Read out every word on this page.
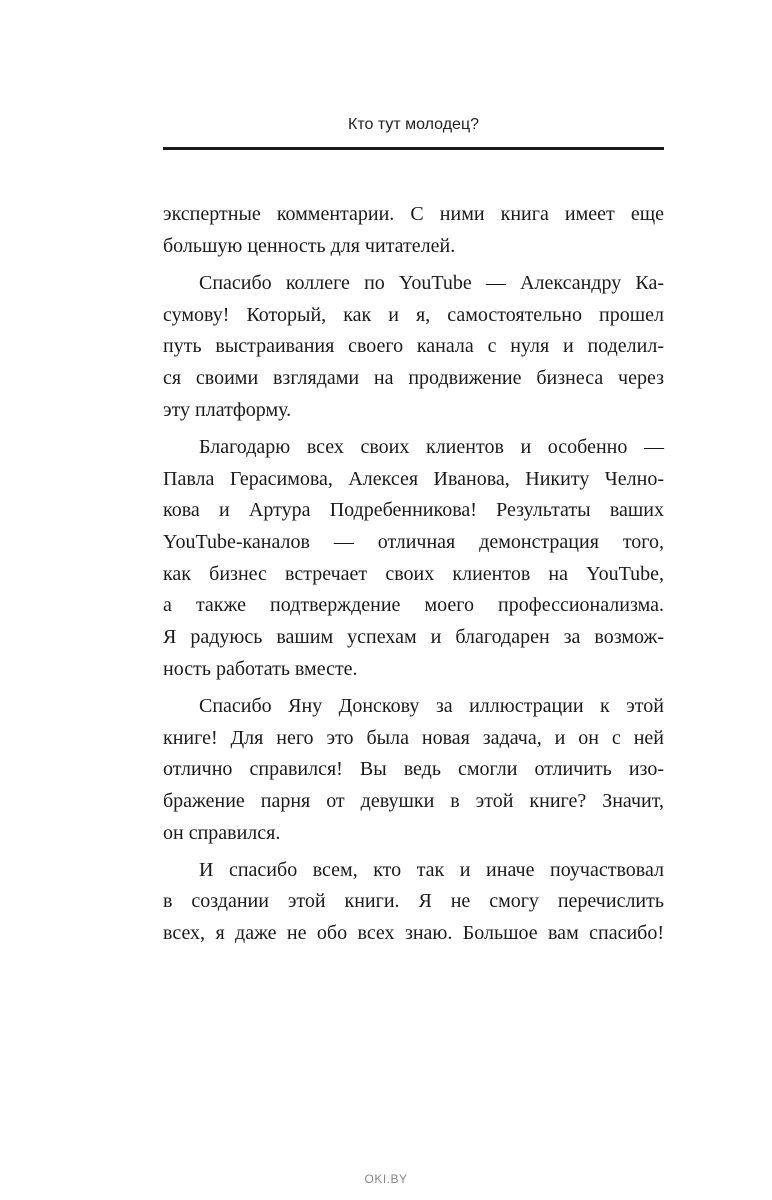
Кто тут молодец?
экспертные комментарии. С ними книга имеет еще
большую ценность для читателей.
Спасибо коллеге по YouTube — Александру Ка-
сумову! Который, как и я, самостоятельно прошел
путь выстраивания своего канала с нуля и поделил-
ся своими взглядами на продвижение бизнеса через
эту платформу.
Благодарю всех своих клиентов и особенно —
Павла Герасимова, Алексея Иванова, Никиту Челно-
кова и Артура Подребенникова! Результаты ваших
YouTube-каналов — отличная демонстрация того,
как бизнес встречает своих клиентов на YouTube,
а также подтверждение моего профессионализма.
Я радуюсь вашим успехам и благодарен за возмож-
ность работать вместе.
Спасибо Яну Донскову за иллюстрации к этой
книге! Для него это была новая задача, и он с ней
отлично справился! Вы ведь смогли отличить изо-
бражение парня от девушки в этой книге? Значит,
он справился.
И спасибо всем, кто так и иначе поучаствовал
в создании этой книги. Я не смогу перечислить
всех, я даже не обо всех знаю. Большое вам спасибо!
OKI.BY
